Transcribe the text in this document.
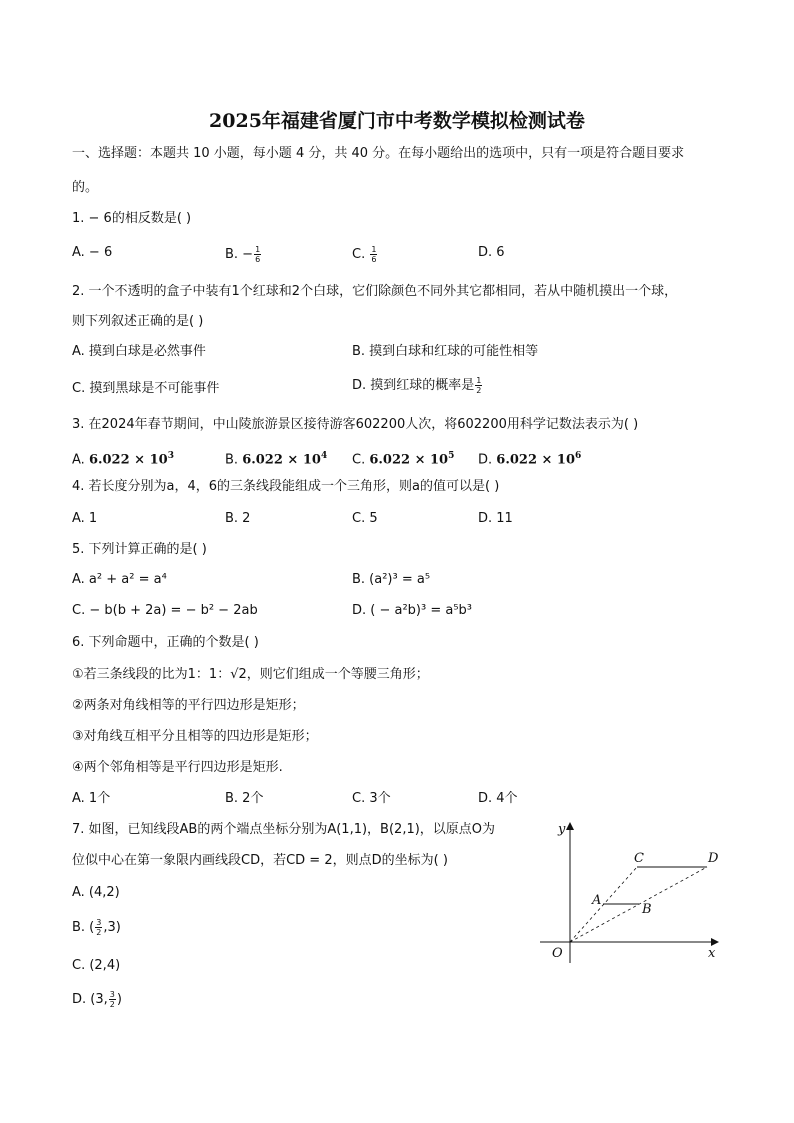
2025年福建省厦门市中考数学模拟检测试卷
一、选择题：本题共 10 小题，每小题 4 分，共 40 分。在每小题给出的选项中，只有一项是符合题目要求
的。
1. − 6的相反数是( )
A. − 6	B. − $\frac{1}{6}$	C. $\frac{1}{6}$	D. 6
2. 一个不透明的盒子中装有1个红球和2个白球，它们除颜色不同外其它都相同，若从中随机摸出一个球，
则下列叙述正确的是( )
A. 摸到白球是必然事件	B. 摸到白球和红球的可能性相等
C. 摸到黑球是不可能事件	D. 摸到红球的概率是 $\frac{1}{2}$
3. 在2024年春节期间，中山陵旅游景区接待游客602200人次，将602200用科学记数法表示为( )
A. $6.022 \times 10^3$	B. $6.022 \times 10^4$ C. $6.022 \times 10^5$ D. $6.022 \times 10^6$
4. 若长度分别为a，4，6的三条线段能组成一个三角形，则a的值可以是( )
A. 1	B. 2	C. 5	D. 11
5. 下列计算正确的是( )
A. a² + a² = a⁴	B. (a²)³ = a⁵
C. − b(b + 2a) = − b² − 2ab	D. ( − a²b)³ = a⁵b³
6. 下列命题中，正确的个数是( )
①若三条线段的比为1：1：√2，则它们组成一个等腰三角形；
②两条对角线相等的平行四边形是矩形；
③对角线互相平分且相等的四边形是矩形；
④两个邻角相等是平行四边形是矩形.
A. 1个	B. 2个	C. 3个	D. 4个
7. 如图，已知线段AB的两个端点坐标分别为A(1,1)，B(2,1)，以原点O为
位似中心在第一象限内画线段CD，若CD = 2，则点D的坐标为( )
A. (4,2)
B. ( $\frac{3}{2} ,3$)
C. (2,4)
D. (3, $\frac{3}{2}$ )
y
x
O
A
B
C	D
